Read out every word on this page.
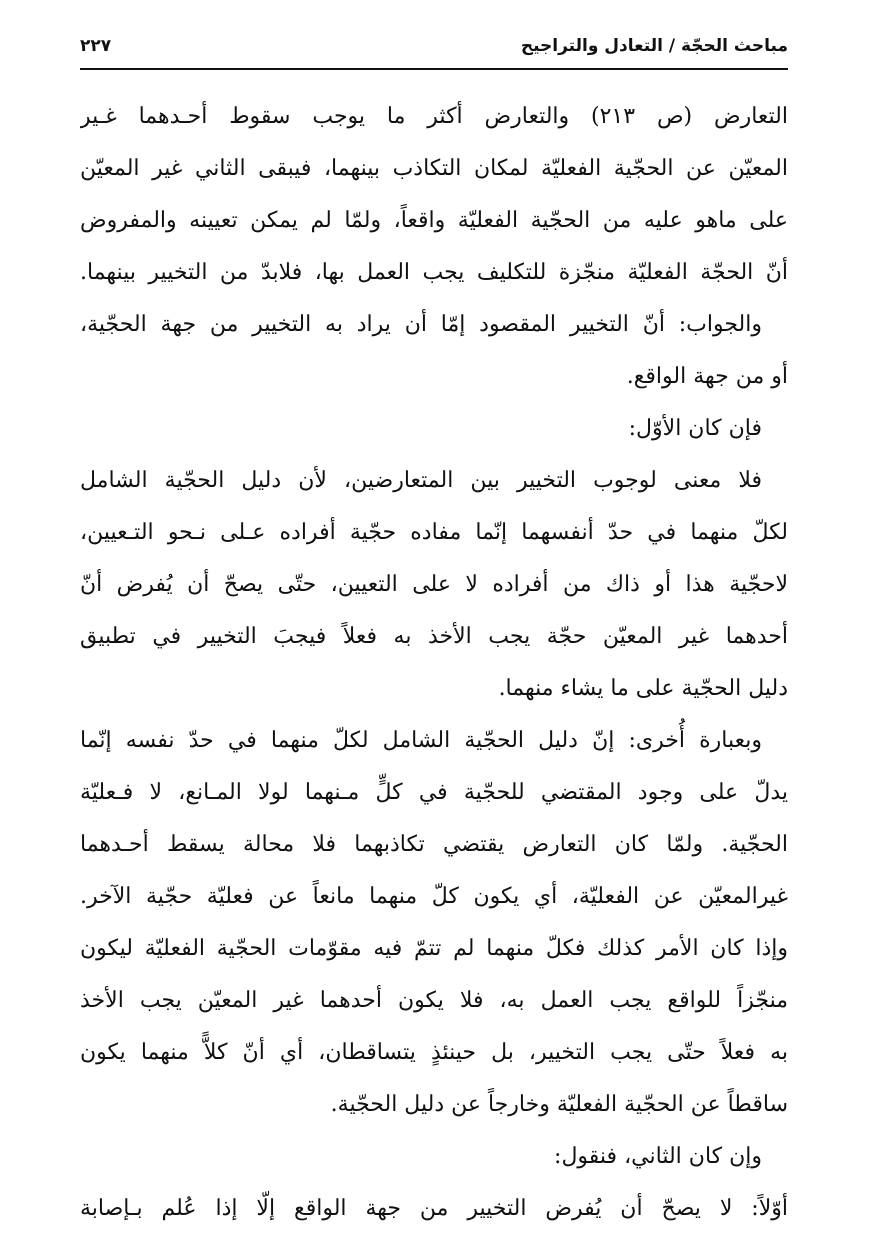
مباحث الحجّة / التعادل والتراجيح
٢٢٧
التعارض (ص ٢١٣) والتعارض أكثر ما يوجب سقوط أحـدهما غـير
المعيّن عن الحجّية الفعليّة لمكان التكاذب بينهما، فيبقى الثاني غير المعيّن
على ماهو عليه من الحجّية الفعليّة واقعاً، ولمّا لم يمكن تعيينه والمفروض
أنّ الحجّة الفعليّة منجّزة للتكليف يجب العمل بها، فلابدّ من التخيير بينهما.
والجواب: أنّ التخيير المقصود إمّا أن يراد به التخيير من جهة الحجّية،
أو من جهة الواقع.
فإن كان الأوّل:
فلا معنى لوجوب التخيير بين المتعارضين، لأن دليل الحجّية الشامل
لكلّ منهما في حدّ أنفسهما إنّما مفاده حجّية أفراده عـلى نـحو التـعيين،
لاحجّية هذا أو ذاك من أفراده لا على التعيين، حتّى يصحّ أن يُفرض أنّ
أحدهما غير المعيّن حجّة يجب الأخذ به فعلاً فيجبَ التخيير في تطبيق
دليل الحجّية على ما يشاء منهما.
وبعبارة أُخرى: إنّ دليل الحجّية الشامل لكلّ منهما في حدّ نفسه إنّما
يدلّ على وجود المقتضي للحجّية في كلٍّ مـنهما لولا المـانع، لا فـعليّة
الحجّية. ولمّا كان التعارض يقتضي تكاذبهما فلا محالة يسقط أحـدهما
غيرالمعيّن عن الفعليّة، أي يكون كلّ منهما مانعاً عن فعليّة حجّية الآخر.
وإذا كان الأمر كذلك فكلّ منهما لم تتمّ فيه مقوّمات الحجّية الفعليّة ليكون
منجّزاً للواقع يجب العمل به، فلا يكون أحدهما غير المعيّن يجب الأخذ
به فعلاً حتّى يجب التخيير، بل حينئذٍ يتساقطان، أي أنّ كلاًّ منهما يكون
ساقطاً عن الحجّية الفعليّة وخارجاً عن دليل الحجّية.
وإن كان الثاني، فنقول:
أوّلاً: لا يصحّ أن يُفرض التخيير من جهة الواقع إلّا إذا عُلم بـإصابة
